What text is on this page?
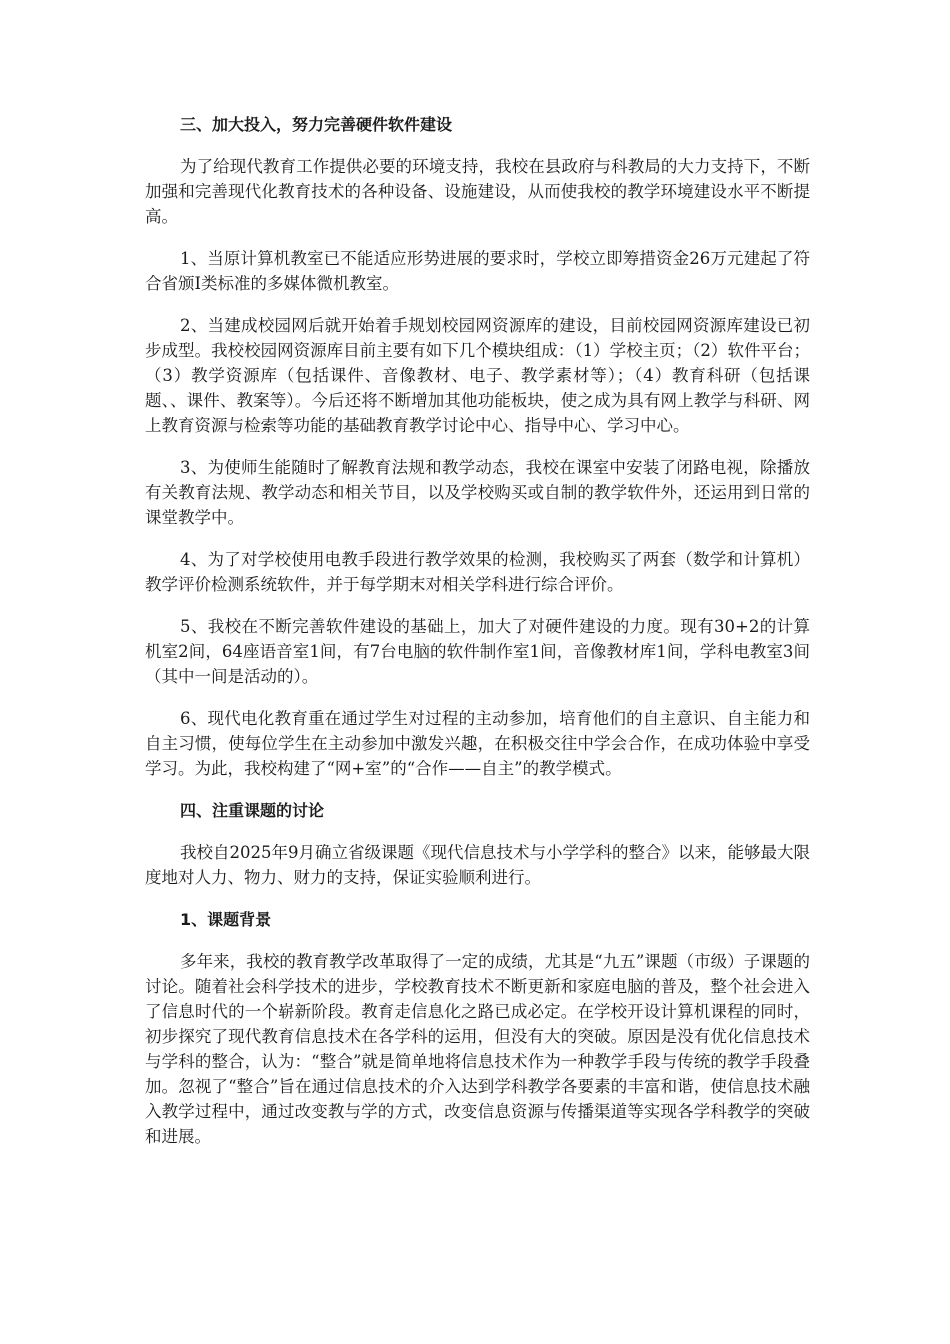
三、加大投入，努力完善硬件软件建设
为了给现代教育工作提供必要的环境支持，我校在县政府与科教局的大力支持下，不断加强和完善现代化教育技术的各种设备、设施建设，从而使我校的教学环境建设水平不断提高。
1、当原计算机教室已不能适应形势进展的要求时，学校立即筹措资金26万元建起了符合省颁Ⅰ类标准的多媒体微机教室。
2、当建成校园网后就开始着手规划校园网资源库的建设，目前校园网资源库建设已初步成型。我校校园网资源库目前主要有如下几个模块组成：（1）学校主页；（2）软件平台；（3）教学资源库（包括课件、音像教材、电子、教学素材等）；（4）教育科研（包括课题、、课件、教案等）。今后还将不断增加其他功能板块，使之成为具有网上教学与科研、网上教育资源与检索等功能的基础教育教学讨论中心、指导中心、学习中心。
3、为使师生能随时了解教育法规和教学动态，我校在课室中安装了闭路电视，除播放有关教育法规、教学动态和相关节目，以及学校购买或自制的教学软件外，还运用到日常的课堂教学中。
4、为了对学校使用电教手段进行教学效果的检测，我校购买了两套（数学和计算机）教学评价检测系统软件，并于每学期末对相关学科进行综合评价。
5、我校在不断完善软件建设的基础上，加大了对硬件建设的力度。现有30+2的计算机室2间，64座语音室1间，有7台电脑的软件制作室1间，音像教材库1间，学科电教室3间（其中一间是活动的）。
6、现代电化教育重在通过学生对过程的主动参加，培育他们的自主意识、自主能力和自主习惯，使每位学生在主动参加中激发兴趣，在积极交往中学会合作，在成功体验中享受学习。为此，我校构建了“网+室”的“合作——自主”的教学模式。
四、注重课题的讨论
我校自2025年9月确立省级课题《现代信息技术与小学学科的整合》以来，能够最大限度地对人力、物力、财力的支持，保证实验顺利进行。
1、课题背景
多年来，我校的教育教学改革取得了一定的成绩，尤其是“九五”课题（市级）子课题的讨论。随着社会科学技术的进步，学校教育技术不断更新和家庭电脑的普及，整个社会进入了信息时代的一个崭新阶段。教育走信息化之路已成必定。在学校开设计算机课程的同时，初步探究了现代教育信息技术在各学科的运用，但没有大的突破。原因是没有优化信息技术与学科的整合，认为：“整合”就是简单地将信息技术作为一种教学手段与传统的教学手段叠加。忽视了“整合”旨在通过信息技术的介入达到学科教学各要素的丰富和谐，使信息技术融入教学过程中，通过改变教与学的方式，改变信息资源与传播渠道等实现各学科教学的突破和进展。
